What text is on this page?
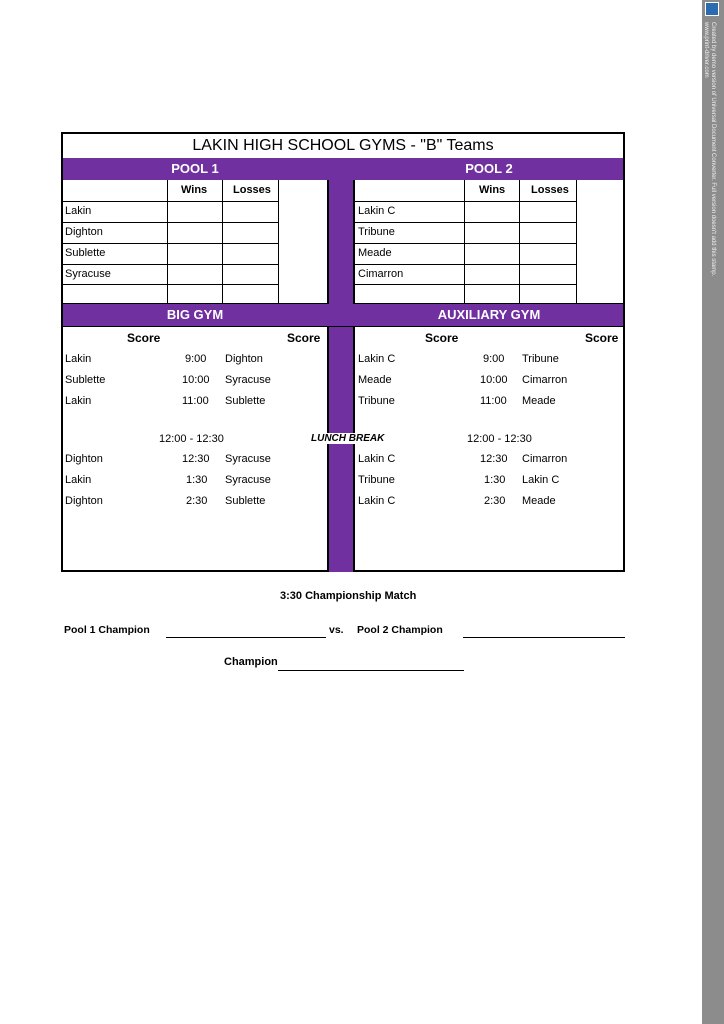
Created by demo version of Universal Document Converter. Full version doesn't add this stamp.
www.print-driver.com
LAKIN HIGH SCHOOL GYMS - "B" Teams
POOL 1	POOL 2
Wins Losses
Lakin
Dighton
Sublette
Syracuse
Wins Losses
Lakin C
Tribune
Meade
Cimarron
BIG GYM	AUXILIARY GYM
Score	Score	Score	Score
Lakin	9:00 Dighton
Sublette	10:00 Syracuse
Lakin	11:00 Sublette
12:00 - 12:30	LUNCH BREAK	12:00 - 12:30
Dighton	12:30 Syracuse
Lakin	1:30 Syracuse
Dighton	2:30 Sublette
Lakin C	9:00 Tribune
Meade	10:00 Cimarron
Tribune	11:00 Meade
Lakin C	12:30 Cimarron
Tribune	1:30 Lakin C
Lakin C	2:30 Meade
3:30 Championship Match
Pool 1 Champion	vs. Pool 2 Champion
Champion
